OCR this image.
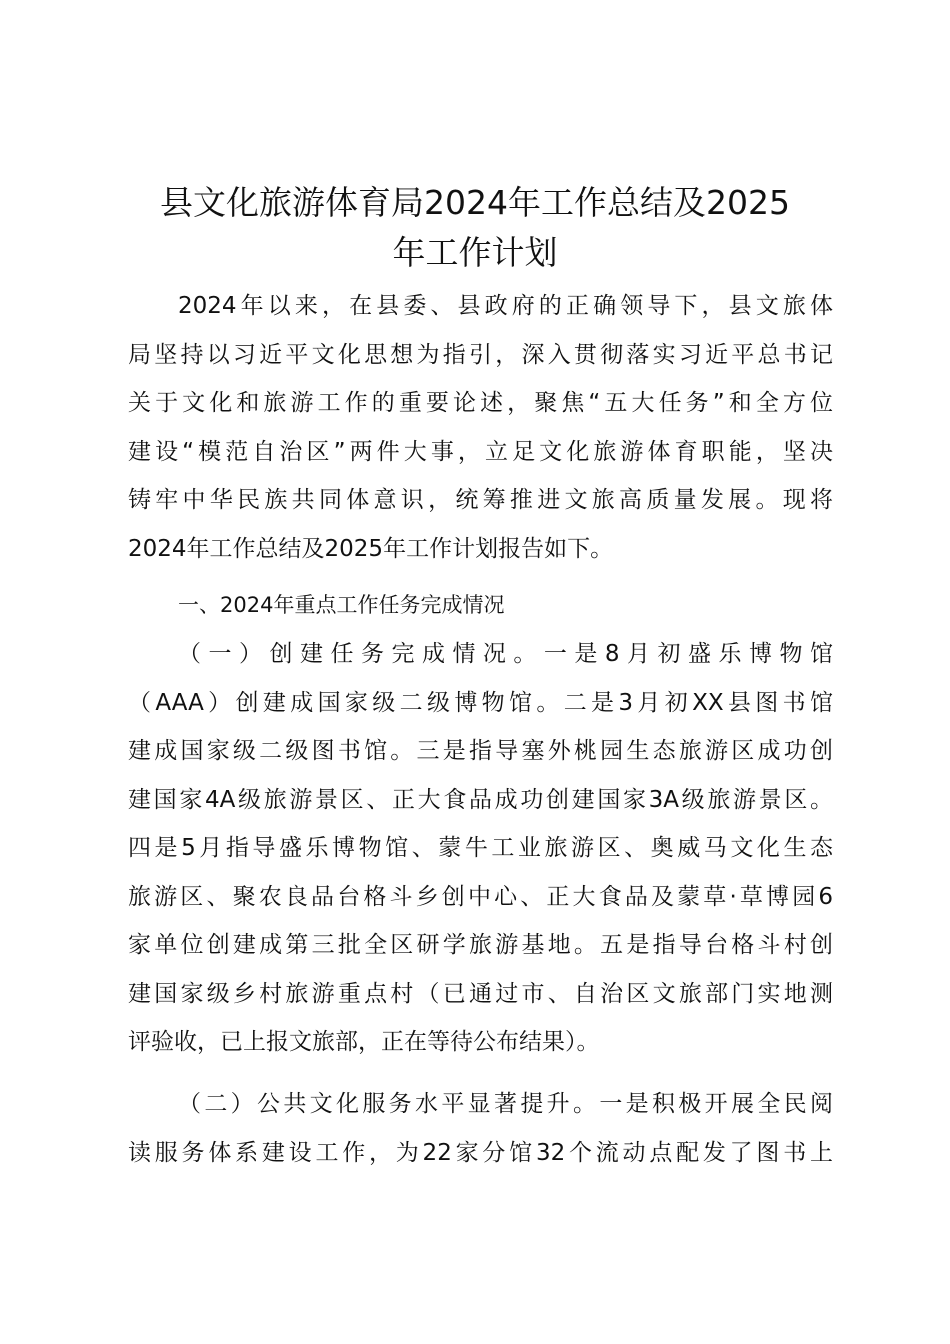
县文化旅游体育局2024年工作总结及2025
年工作计划
2024年以来，在县委、县政府的正确领导下，县文旅体
局坚持以习近平文化思想为指引，深入贯彻落实习近平总书记
关于文化和旅游工作的重要论述，聚焦“五大任务”和全方位
建设“模范自治区”两件大事，立足文化旅游体育职能，坚决
铸牢中华民族共同体意识，统筹推进文旅高质量发展。现将
2024年工作总结及2025年工作计划报告如下。
一、2024年重点工作任务完成情况
（一）创建任务完成情况。一是8月初盛乐博物馆
（AAA）创建成国家级二级博物馆。二是3月初XX县图书馆
建成国家级二级图书馆。三是指导塞外桃园生态旅游区成功创
建国家4A级旅游景区、正大食品成功创建国家3A级旅游景区。
四是5月指导盛乐博物馆、蒙牛工业旅游区、奥威马文化生态
旅游区、聚农良品台格斗乡创中心、正大食品及蒙草·草博园6
家单位创建成第三批全区研学旅游基地。五是指导台格斗村创
建国家级乡村旅游重点村（已通过市、自治区文旅部门实地测
评验收，已上报文旅部，正在等待公布结果）。
（二）公共文化服务水平显著提升。一是积极开展全民阅
读服务体系建设工作，为22家分馆32个流动点配发了图书上
